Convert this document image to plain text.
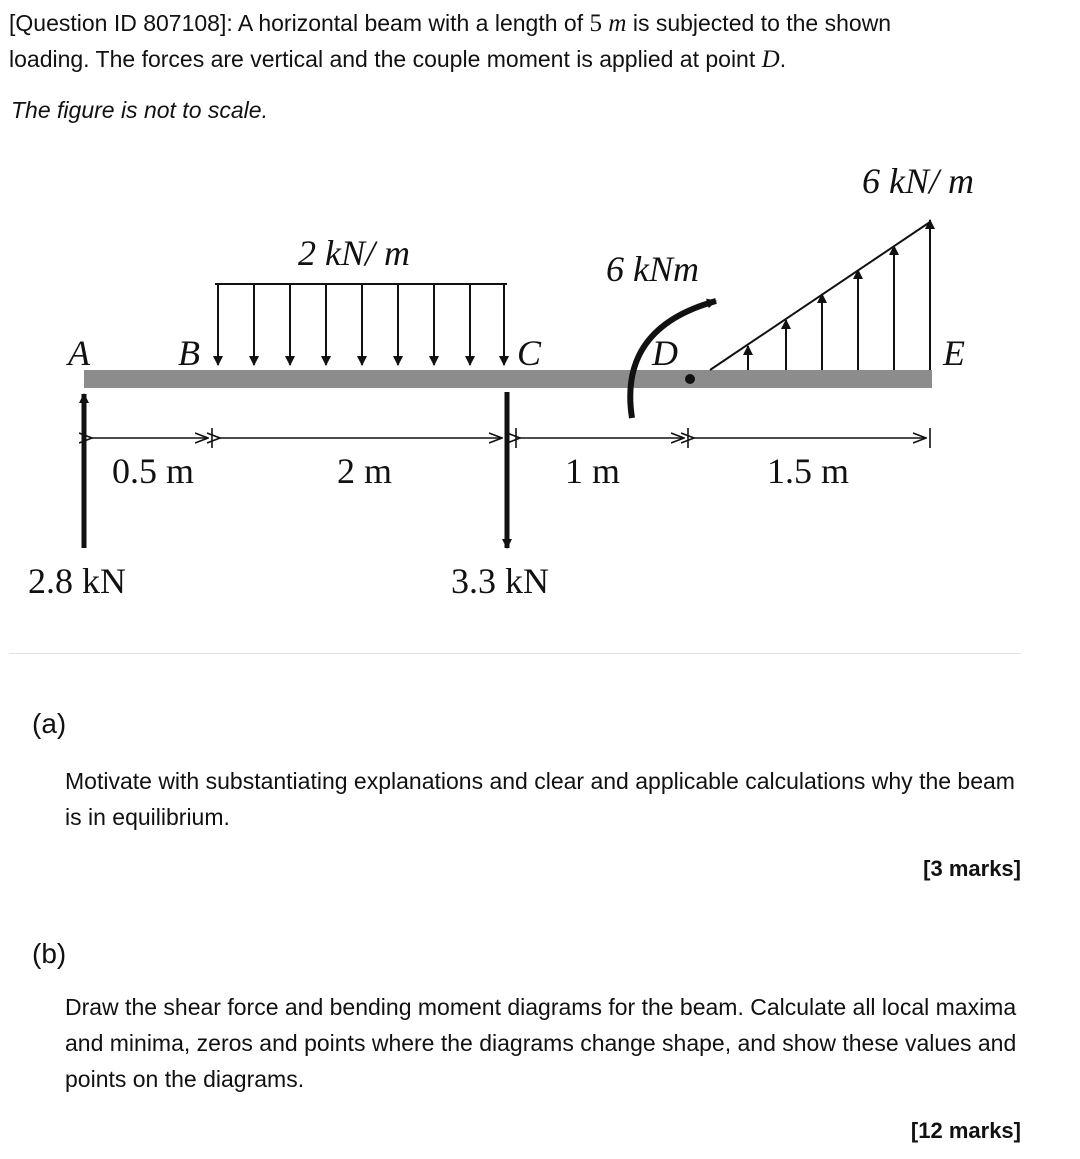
[Question ID 807108]: A horizontal beam with a length of 5 m is subjected to the shown
loading. The forces are vertical and the couple moment is applied at point D.
The figure is not to scale.
2 kN/ m
6 kN/ m
6 kNm
A B	C	D	E
2.8 kN	3.3 kN
0.5 m	2 m	1 m	1.5 m
(a)
Motivate with substantiating explanations and clear and applicable calculations why the beam is in equilibrium.
[3 marks]
(b)
Draw the shear force and bending moment diagrams for the beam. Calculate all local maxima and minima, zeros and points where the diagrams change shape, and show these values and points on the diagrams.
[12 marks]
